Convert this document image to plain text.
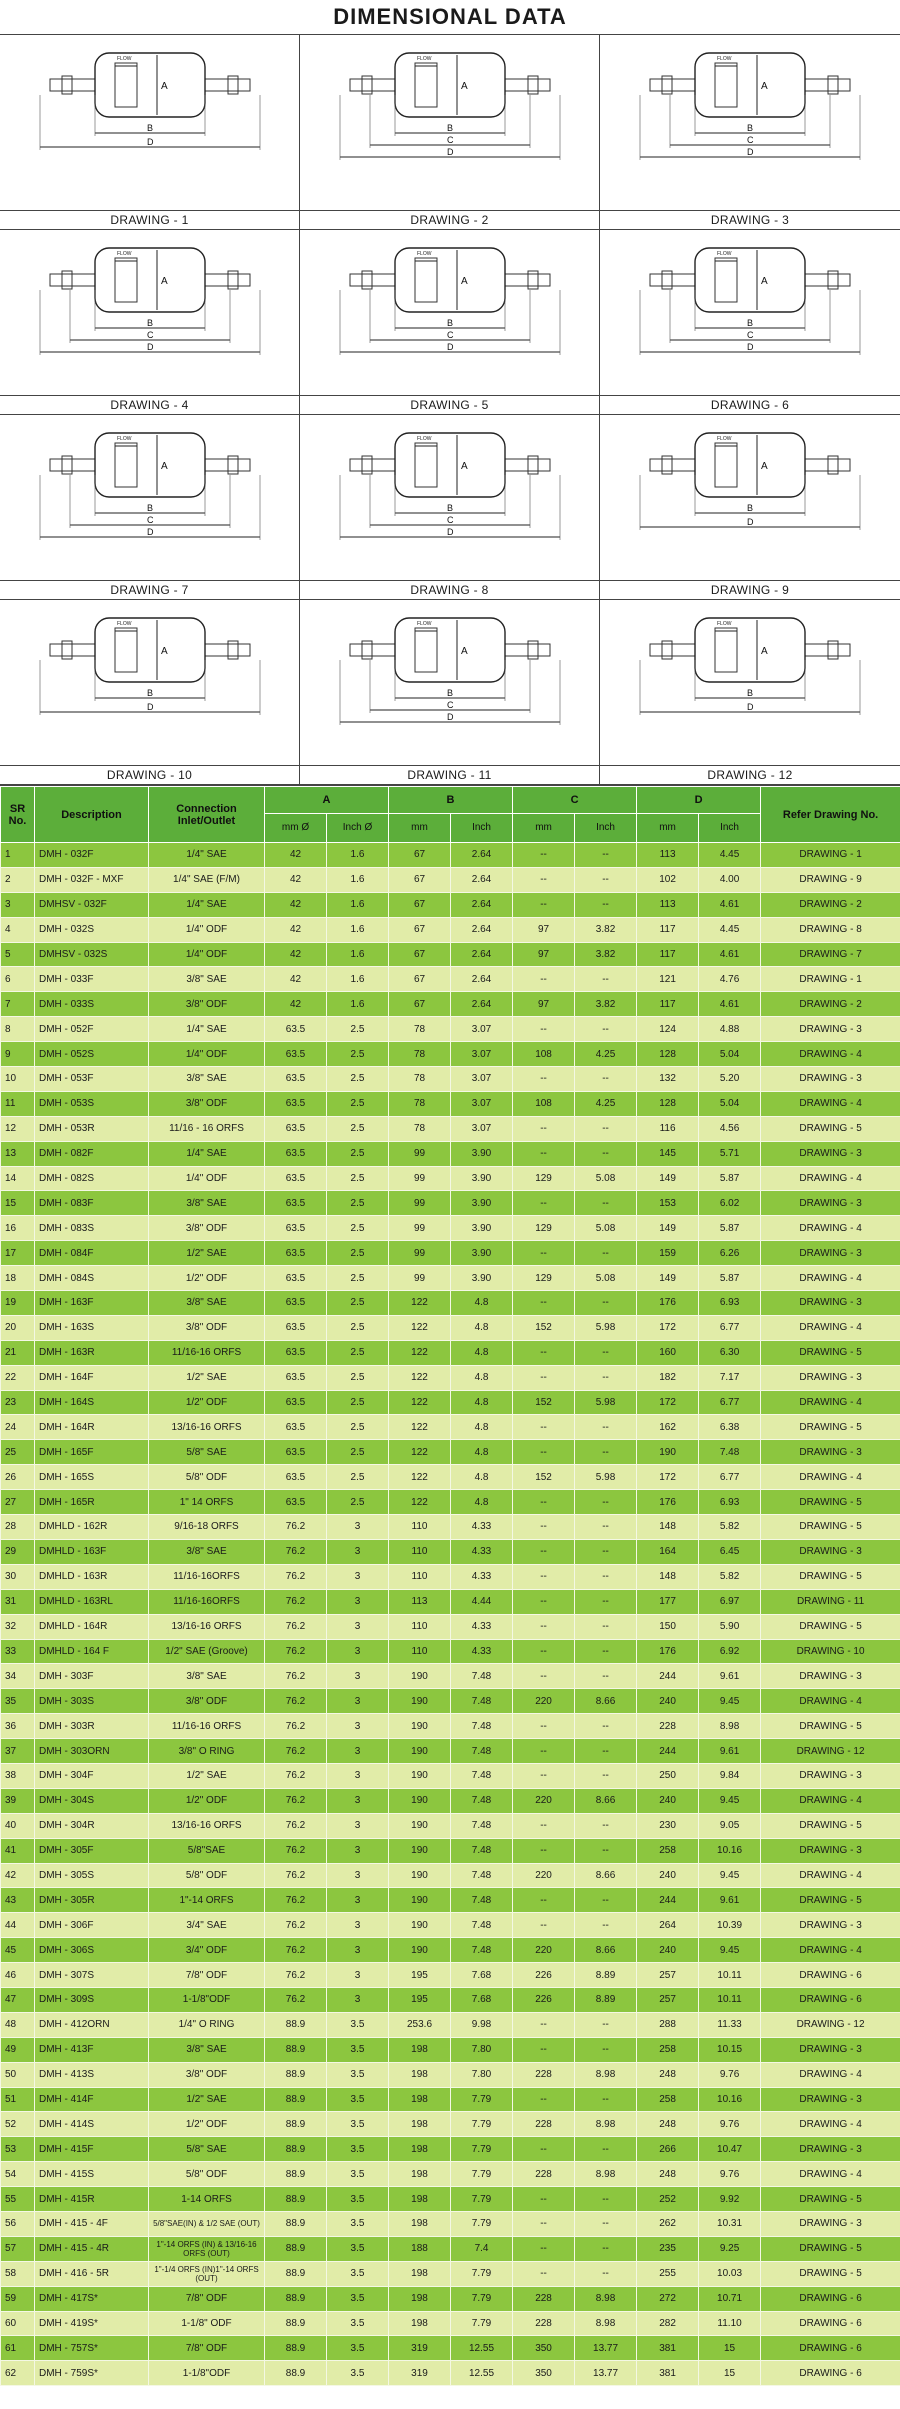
DIMENSIONAL DATA
FLOW
A
B
D
DRAWING - 1
FLOW
A
B
C
D
DRAWING - 2
FLOW
A
B
C
D
DRAWING - 3
FLOW
A
B
C
D
DRAWING - 4
FLOW
A
B
C
D
DRAWING - 5
FLOW
A
B
C
D
DRAWING - 6
FLOW
A
B
C
D
DRAWING - 7
FLOW
A
B
C
D
DRAWING - 8
FLOW
A
B
D
DRAWING - 9
FLOW
A
B
D
DRAWING - 10
FLOW
A
B
C
D
DRAWING - 11
FLOW
A
B
D
DRAWING - 12
SR No.	Description	Connection Inlet/Outlet	A		B		C		D		Refer Drawing No.
			mm Ø	Inch Ø	mm	Inch	mm	Inch	mm	Inch	
1	DMH - 032F	1/4" SAE	42	1.6	67	2.64	--	--	113	4.45	DRAWING - 1
2	DMH - 032F - MXF	1/4" SAE (F/M)	42	1.6	67	2.64	--	--	102	4.00	DRAWING - 9
3	DMHSV - 032F	1/4" SAE	42	1.6	67	2.64	--	--	113	4.61	DRAWING - 2
4	DMH - 032S	1/4" ODF	42	1.6	67	2.64	97	3.82	117	4.45	DRAWING - 8
5	DMHSV - 032S	1/4" ODF	42	1.6	67	2.64	97	3.82	117	4.61	DRAWING - 7
6	DMH - 033F	3/8" SAE	42	1.6	67	2.64	--	--	121	4.76	DRAWING - 1
7	DMH - 033S	3/8" ODF	42	1.6	67	2.64	97	3.82	117	4.61	DRAWING - 2
8	DMH - 052F	1/4" SAE	63.5	2.5	78	3.07	--	--	124	4.88	DRAWING - 3
9	DMH - 052S	1/4" ODF	63.5	2.5	78	3.07	108	4.25	128	5.04	DRAWING - 4
10	DMH - 053F	3/8" SAE	63.5	2.5	78	3.07	--	--	132	5.20	DRAWING - 3
11	DMH - 053S	3/8" ODF	63.5	2.5	78	3.07	108	4.25	128	5.04	DRAWING - 4
12	DMH - 053R	11/16 - 16 ORFS	63.5	2.5	78	3.07	--	--	116	4.56	DRAWING - 5
13	DMH - 082F	1/4" SAE	63.5	2.5	99	3.90	--	--	145	5.71	DRAWING - 3
14	DMH - 082S	1/4" ODF	63.5	2.5	99	3.90	129	5.08	149	5.87	DRAWING - 4
15	DMH - 083F	3/8" SAE	63.5	2.5	99	3.90	--	--	153	6.02	DRAWING - 3
16	DMH - 083S	3/8" ODF	63.5	2.5	99	3.90	129	5.08	149	5.87	DRAWING - 4
17	DMH - 084F	1/2" SAE	63.5	2.5	99	3.90	--	--	159	6.26	DRAWING - 3
18	DMH - 084S	1/2" ODF	63.5	2.5	99	3.90	129	5.08	149	5.87	DRAWING - 4
19	DMH - 163F	3/8" SAE	63.5	2.5	122	4.8	--	--	176	6.93	DRAWING - 3
20	DMH - 163S	3/8" ODF	63.5	2.5	122	4.8	152	5.98	172	6.77	DRAWING - 4
21	DMH - 163R	11/16-16 ORFS	63.5	2.5	122	4.8	--	--	160	6.30	DRAWING - 5
22	DMH - 164F	1/2" SAE	63.5	2.5	122	4.8	--	--	182	7.17	DRAWING - 3
23	DMH - 164S	1/2" ODF	63.5	2.5	122	4.8	152	5.98	172	6.77	DRAWING - 4
24	DMH - 164R	13/16-16 ORFS	63.5	2.5	122	4.8	--	--	162	6.38	DRAWING - 5
25	DMH - 165F	5/8" SAE	63.5	2.5	122	4.8	--	--	190	7.48	DRAWING - 3
26	DMH - 165S	5/8" ODF	63.5	2.5	122	4.8	152	5.98	172	6.77	DRAWING - 4
27	DMH - 165R	1" 14 ORFS	63.5	2.5	122	4.8	--	--	176	6.93	DRAWING - 5
28	DMHLD - 162R	9/16-18 ORFS	76.2	3	110	4.33	--	--	148	5.82	DRAWING - 5
29	DMHLD - 163F	3/8" SAE	76.2	3	110	4.33	--	--	164	6.45	DRAWING - 3
30	DMHLD - 163R	11/16-16ORFS	76.2	3	110	4.33	--	--	148	5.82	DRAWING - 5
31	DMHLD - 163RL	11/16-16ORFS	76.2	3	113	4.44	--	--	177	6.97	DRAWING - 11
32	DMHLD - 164R	13/16-16 ORFS	76.2	3	110	4.33	--	--	150	5.90	DRAWING - 5
33	DMHLD - 164 F	1/2" SAE (Groove)	76.2	3	110	4.33	--	--	176	6.92	DRAWING - 10
34	DMH - 303F	3/8" SAE	76.2	3	190	7.48	--	--	244	9.61	DRAWING - 3
35	DMH - 303S	3/8" ODF	76.2	3	190	7.48	220	8.66	240	9.45	DRAWING - 4
36	DMH - 303R	11/16-16 ORFS	76.2	3	190	7.48	--	--	228	8.98	DRAWING - 5
37	DMH - 303ORN	3/8" O RING	76.2	3	190	7.48	--	--	244	9.61	DRAWING - 12
38	DMH - 304F	1/2" SAE	76.2	3	190	7.48	--	--	250	9.84	DRAWING - 3
39	DMH - 304S	1/2" ODF	76.2	3	190	7.48	220	8.66	240	9.45	DRAWING - 4
40	DMH - 304R	13/16-16 ORFS	76.2	3	190	7.48	--	--	230	9.05	DRAWING - 5
41	DMH - 305F	5/8"SAE	76.2	3	190	7.48	--	--	258	10.16	DRAWING - 3
42	DMH - 305S	5/8" ODF	76.2	3	190	7.48	220	8.66	240	9.45	DRAWING - 4
43	DMH - 305R	1"-14 ORFS	76.2	3	190	7.48	--	--	244	9.61	DRAWING - 5
44	DMH - 306F	3/4" SAE	76.2	3	190	7.48	--	--	264	10.39	DRAWING - 3
45	DMH - 306S	3/4" ODF	76.2	3	190	7.48	220	8.66	240	9.45	DRAWING - 4
46	DMH - 307S	7/8" ODF	76.2	3	195	7.68	226	8.89	257	10.11	DRAWING - 6
47	DMH - 309S	1-1/8"ODF	76.2	3	195	7.68	226	8.89	257	10.11	DRAWING - 6
48	DMH - 412ORN	1/4" O RING	88.9	3.5	253.6	9.98	--	--	288	11.33	DRAWING - 12
49	DMH - 413F	3/8" SAE	88.9	3.5	198	7.80	--	--	258	10.15	DRAWING - 3
50	DMH - 413S	3/8" ODF	88.9	3.5	198	7.80	228	8.98	248	9.76	DRAWING - 4
51	DMH - 414F	1/2" SAE	88.9	3.5	198	7.79	--	--	258	10.16	DRAWING - 3
52	DMH - 414S	1/2" ODF	88.9	3.5	198	7.79	228	8.98	248	9.76	DRAWING - 4
53	DMH - 415F	5/8" SAE	88.9	3.5	198	7.79	--	--	266	10.47	DRAWING - 3
54	DMH - 415S	5/8" ODF	88.9	3.5	198	7.79	228	8.98	248	9.76	DRAWING - 4
55	DMH - 415R	1-14 ORFS	88.9	3.5	198	7.79	--	--	252	9.92	DRAWING - 5
56	DMH - 415 - 4F	5/8"SAE(IN) & 1/2 SAE (OUT)	88.9	3.5	198	7.79	--	--	262	10.31	DRAWING - 3
57	DMH - 415 - 4R	1"-14 ORFS (IN) & 13/16-16 ORFS (OUT)	88.9	3.5	188	7.4	--	--	235	9.25	DRAWING - 5
58	DMH - 416 - 5R	1"-1/4 ORFS (IN)1"-14 ORFS (OUT)	88.9	3.5	198	7.79	--	--	255	10.03	DRAWING - 5
59	DMH - 417S*	7/8" ODF	88.9	3.5	198	7.79	228	8.98	272	10.71	DRAWING - 6
60	DMH - 419S*	1-1/8" ODF	88.9	3.5	198	7.79	228	8.98	282	11.10	DRAWING - 6
61	DMH - 757S*	7/8" ODF	88.9	3.5	319	12.55	350	13.77	381	15	DRAWING - 6
62	DMH - 759S*	1-1/8"ODF	88.9	3.5	319	12.55	350	13.77	381	15	DRAWING - 6
